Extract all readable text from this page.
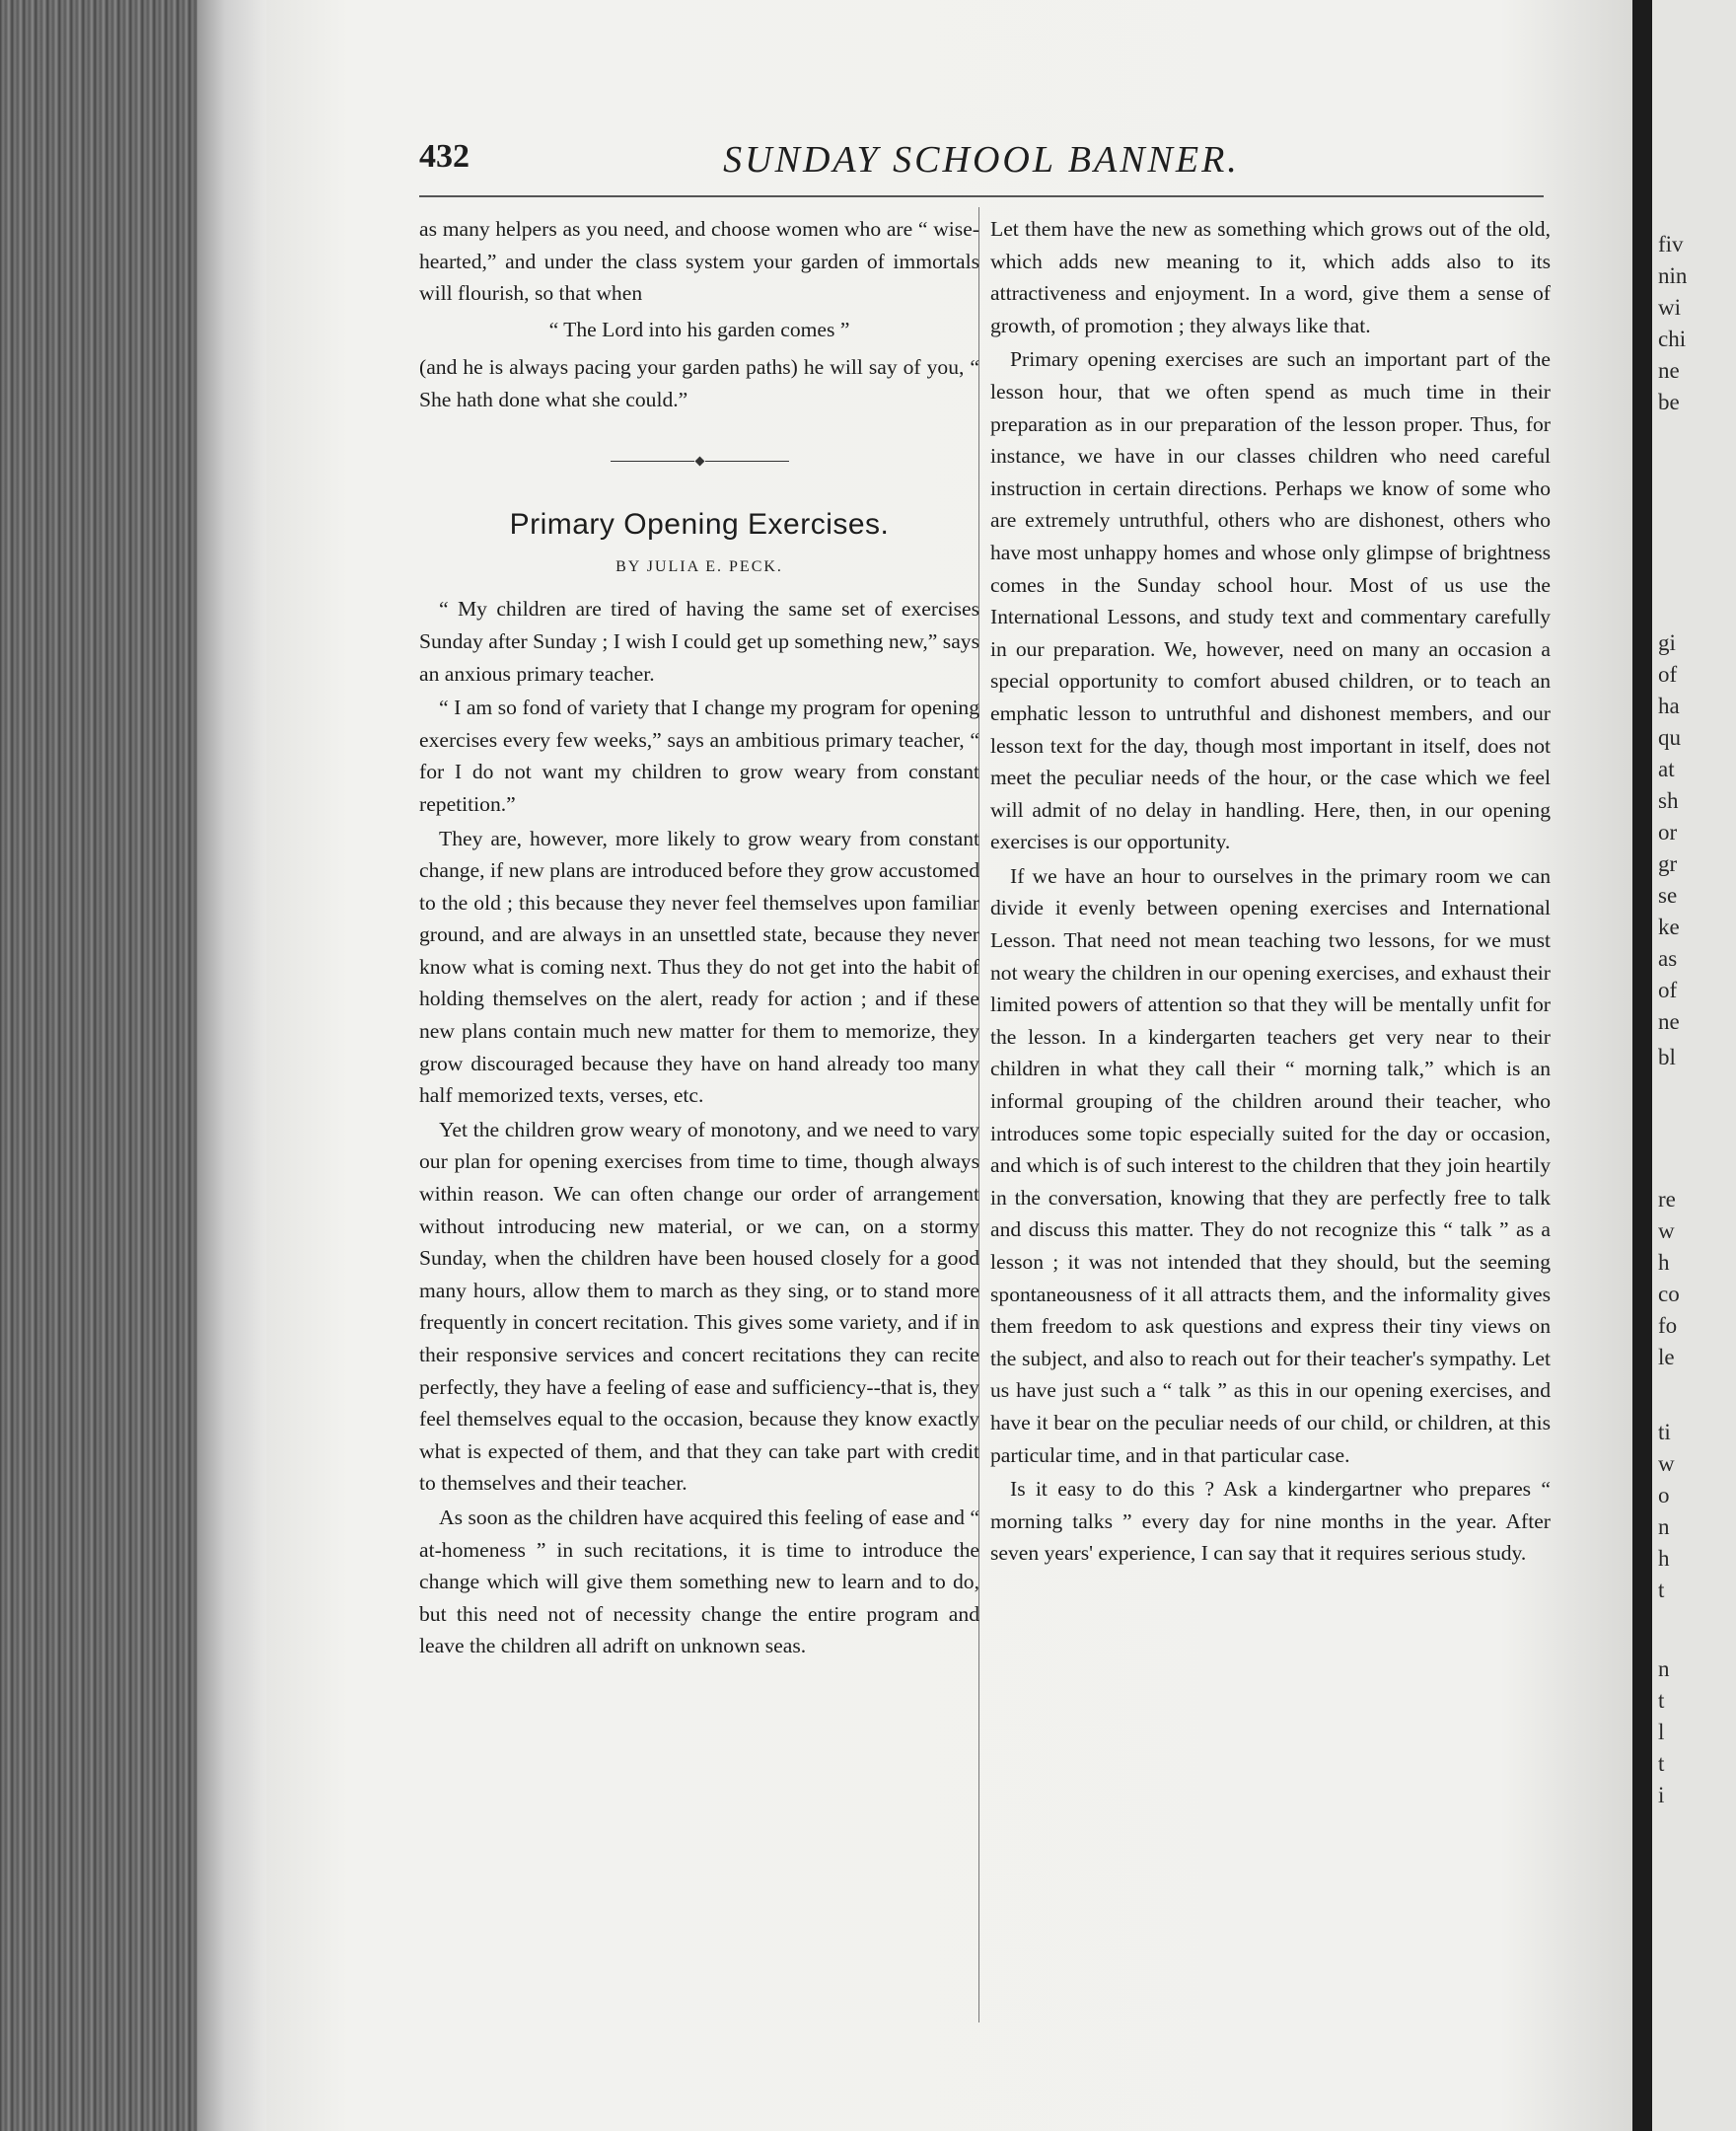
fiv
nin
wi
chi
ne
be
gi
of
ha
qu
at
sh
or
gr
se
ke
as
of
ne
bl
re
w
h
co
fo
le
ti
w
o
n
h
t
n
t
l
t
i
432	SUNDAY SCHOOL BANNER.

as many helpers as you need, and choose women who are “ wise-hearted,” and under the class system your garden of immortals will flourish, so that when

“ The Lord into his garden comes ”

(and he is always pacing your garden paths) he will say of you, “ She hath done what she could.”

Primary Opening Exercises.
BY JULIA E. PECK.

“ My children are tired of having the same set of exercises Sunday after Sunday ; I wish I could get up something new,” says an anxious primary teacher.

“ I am so fond of variety that I change my program for opening exercises every few weeks,” says an ambitious primary teacher, “ for I do not want my children to grow weary from constant repetition.”

They are, however, more likely to grow weary from constant change, if new plans are introduced before they grow accustomed to the old ; this because they never feel themselves upon familiar ground, and are always in an unsettled state, because they never know what is coming next. Thus they do not get into the habit of holding themselves on the alert, ready for action ; and if these new plans contain much new matter for them to memorize, they grow discouraged because they have on hand already too many half memorized texts, verses, etc.

Yet the children grow weary of monotony, and we need to vary our plan for opening exercises from time to time, though always within reason. We can often change our order of arrangement without introducing new material, or we can, on a stormy Sunday, when the children have been housed closely for a good many hours, allow them to march as they sing, or to stand more frequently in concert recitation. This gives some variety, and if in their responsive services and concert recitations they can recite perfectly, they have a feeling of ease and sufficiency--that is, they feel themselves equal to the occasion, because they know exactly what is expected of them, and that they can take part with credit to themselves and their teacher.

As soon as the children have acquired this feeling of ease and “ at-homeness ” in such recitations, it is time to introduce the change which will give them something new to learn and to do, but this need not of necessity change the entire program and leave the children all adrift on unknown seas.

Let them have the new as something which grows out of the old, which adds new meaning to it, which adds also to its attractiveness and enjoyment. In a word, give them a sense of growth, of promotion ; they always like that.

Primary opening exercises are such an important part of the lesson hour, that we often spend as much time in their preparation as in our preparation of the lesson proper. Thus, for instance, we have in our classes children who need careful instruction in certain directions. Perhaps we know of some who are extremely untruthful, others who are dishonest, others who have most unhappy homes and whose only glimpse of brightness comes in the Sunday school hour. Most of us use the International Lessons, and study text and commentary carefully in our preparation. We, however, need on many an occasion a special opportunity to comfort abused children, or to teach an emphatic lesson to untruthful and dishonest members, and our lesson text for the day, though most important in itself, does not meet the peculiar needs of the hour, or the case which we feel will admit of no delay in handling. Here, then, in our opening exercises is our opportunity.

If we have an hour to ourselves in the primary room we can divide it evenly between opening exercises and International Lesson. That need not mean teaching two lessons, for we must not weary the children in our opening exercises, and exhaust their limited powers of attention so that they will be mentally unfit for the lesson. In a kindergarten teachers get very near to their children in what they call their “ morning talk,” which is an informal grouping of the children around their teacher, who introduces some topic especially suited for the day or occasion, and which is of such interest to the children that they join heartily in the conversation, knowing that they are perfectly free to talk and discuss this matter. They do not recognize this “ talk ” as a lesson ; it was not intended that they should, but the seeming spontaneousness of it all attracts them, and the informality gives them freedom to ask questions and express their tiny views on the subject, and also to reach out for their teacher's sympathy. Let us have just such a “ talk ” as this in our opening exercises, and have it bear on the peculiar needs of our child, or children, at this particular time, and in that particular case.

Is it easy to do this ? Ask a kindergartner who prepares “ morning talks ” every day for nine months in the year. After seven years' experience, I can say that it requires serious study.
